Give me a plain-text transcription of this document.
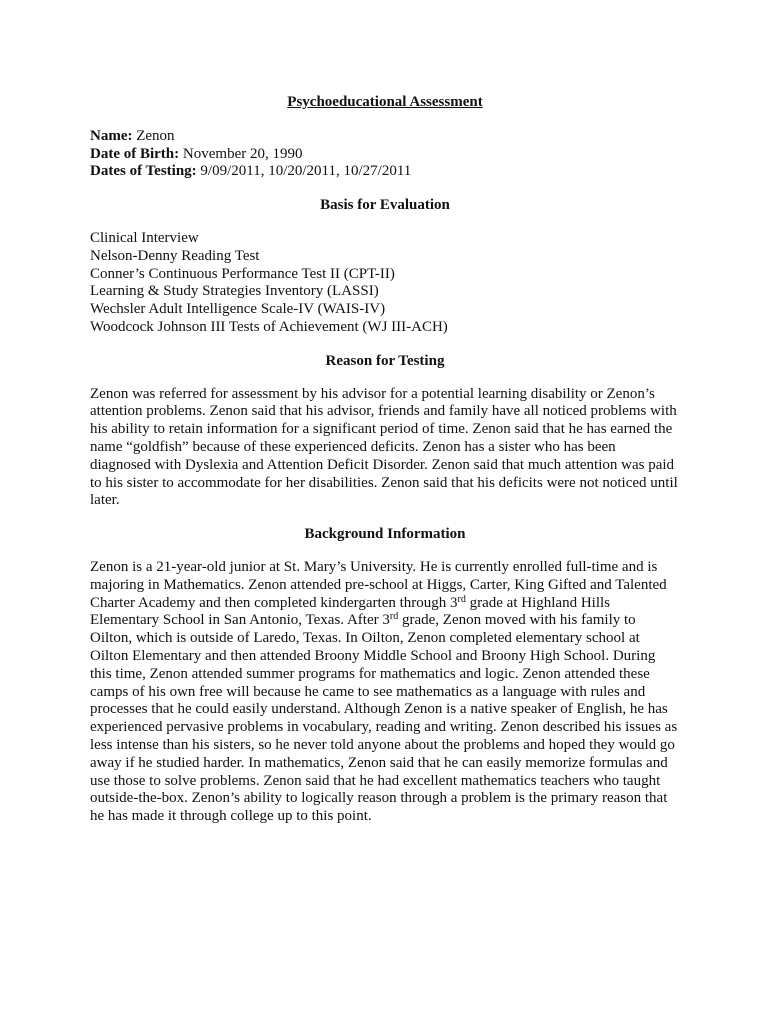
Psychoeducational Assessment

Name: Zenon

Date of Birth: November 20, 1990

Dates of Testing: 9/09/2011, 10/20/2011, 10/27/2011

Basis for Evaluation

Clinical Interview

Nelson-Denny Reading Test

Conner’s Continuous Performance Test II (CPT-II)

Learning & Study Strategies Inventory (LASSI)

Wechsler Adult Intelligence Scale-IV (WAIS-IV)

Woodcock Johnson III Tests of Achievement (WJ III-ACH)

Reason for Testing

Zenon was referred for assessment by his advisor for a potential learning disability or Zenon’s attention problems. Zenon said that his advisor, friends and family have all noticed problems with his ability to retain information for a significant period of time. Zenon said that he has earned the name “goldfish” because of these experienced deficits. Zenon has a sister who has been diagnosed with Dyslexia and Attention Deficit Disorder. Zenon said that much attention was paid to his sister to accommodate for her disabilities. Zenon said that his deficits were not noticed until later.

Background Information

Zenon is a 21-year-old junior at St. Mary’s University. He is currently enrolled full-time and is majoring in Mathematics. Zenon attended pre-school at Higgs, Carter, King Gifted and Talented Charter Academy and then completed kindergarten through 3rd grade at Highland Hills Elementary School in San Antonio, Texas. After 3rd grade, Zenon moved with his family to Oilton, which is outside of Laredo, Texas. In Oilton, Zenon completed elementary school at Oilton Elementary and then attended Broony Middle School and Broony High School. During this time, Zenon attended summer programs for mathematics and logic. Zenon attended these camps of his own free will because he came to see mathematics as a language with rules and processes that he could easily understand. Although Zenon is a native speaker of English, he has experienced pervasive problems in vocabulary, reading and writing. Zenon described his issues as less intense than his sisters, so he never told anyone about the problems and hoped they would go away if he studied harder. In mathematics, Zenon said that he can easily memorize formulas and use those to solve problems. Zenon said that he had excellent mathematics teachers who taught outside-the-box. Zenon’s ability to logically reason through a problem is the primary reason that he has made it through college up to this point.
